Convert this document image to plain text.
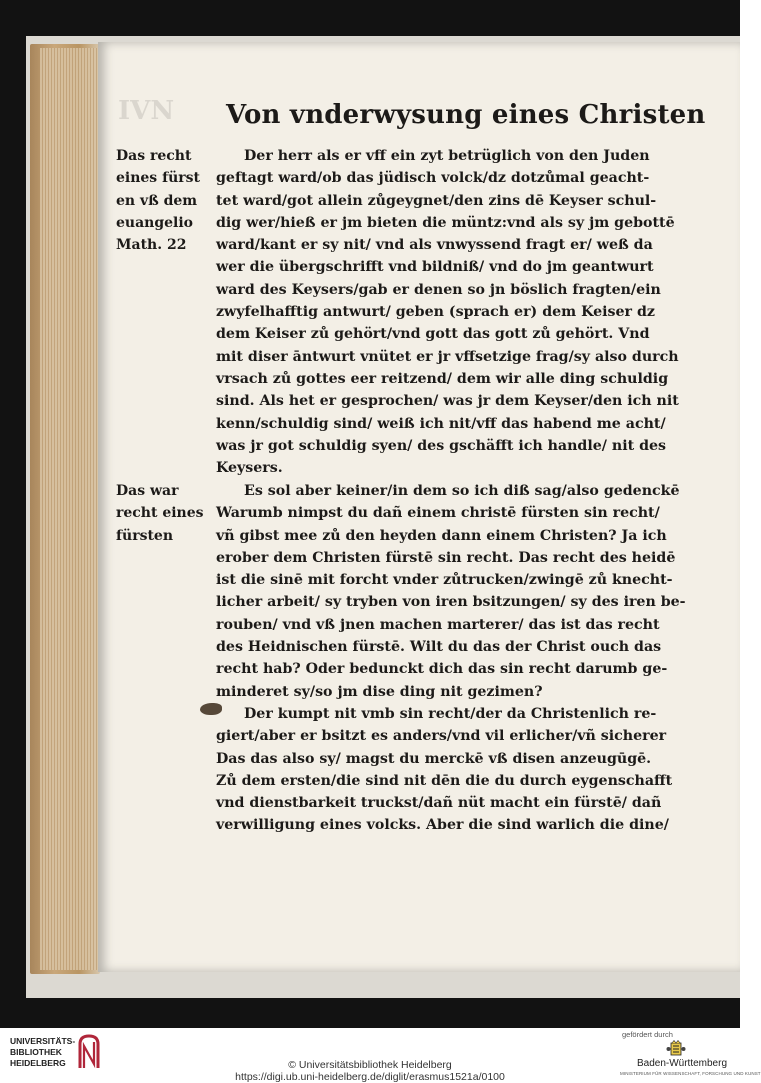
IVN Von vnderwysung eines Christen
Das recht
eines fürst
en vß dem
euangelio
Math. 22
Das war
recht eines
fürsten
Der herr als er vff ein zyt betrüglich von den Juden
geftagt ward/ob das jüdisch volck/dz dotzůmal geacht-
tet ward/got allein zůgeygnet/den zins dē Keyser schul-
dig wer/hieß er jm bieten die müntz:vnd als sy jm gebottē
ward/kant er sy nit/ vnd als vnwyssend fragt er/ weß da
wer die übergschrifft vnd bildniß/ vnd do jm geantwurt
ward des Keysers/gab er denen so jn böslich fragten/ein
zwyfelhafftig antwurt/ geben (sprach er) dem Keiser dz
dem Keiser zů gehört/vnd gott das gott zů gehört. Vnd
mit diser āntwurt vnütet er jr vffsetzige frag/sy also durch
vrsach zů gottes eer reitzend/ dem wir alle ding schuldig
sind. Als het er gesprochen/ was jr dem Keyser/den ich nit
kenn/schuldig sind/ weiß ich nit/vff das habend me acht/
was jr got schuldig syen/ des gschäfft ich handle/ nit des
Keysers.
Es sol aber keiner/in dem so ich diß sag/also gedenckē
Warumb nimpst du dañ einem christē fürsten sin recht/
vñ gibst mee zů den heyden dann einem Christen? Ja ich
erober dem Christen fürstē sin recht. Das recht des heidē
ist die sinē mit forcht vnder zůtrucken/zwingē zů knecht-
licher arbeit/ sy tryben von iren bsitzungen/ sy des iren be-
rouben/ vnd vß jnen machen marterer/ das ist das recht
des Heidnischen fürstē. Wilt du das der Christ ouch das
recht hab? Oder bedunckt dich das sin recht darumb ge-
minderet sy/so jm dise ding nit gezimen?
Der kumpt nit vmb sin recht/der da Christenlich re-
giert/aber er bsitzt es anders/vnd vil erlicher/vñ sicherer
Das das also sy/ magst du merckē vß disen anzeugūgē.
Zů dem ersten/die sind nit dēn die du durch eygenschafft
vnd dienstbarkeit truckst/dañ nüt macht ein fürstē/ dañ
verwilligung eines volcks. Aber die sind warlich die dine/
UNIVERSITÄTS-
BIBLIOTHEK
HEIDELBERG	© Universitätsbibliothek Heidelberg
https://digi.ub.uni-heidelberg.de/diglit/erasmus1521a/0100
gefördert durch
Baden-Württemberg
MINISTERIUM FÜR WISSENSCHAFT, FORSCHUNG UND KUNST
